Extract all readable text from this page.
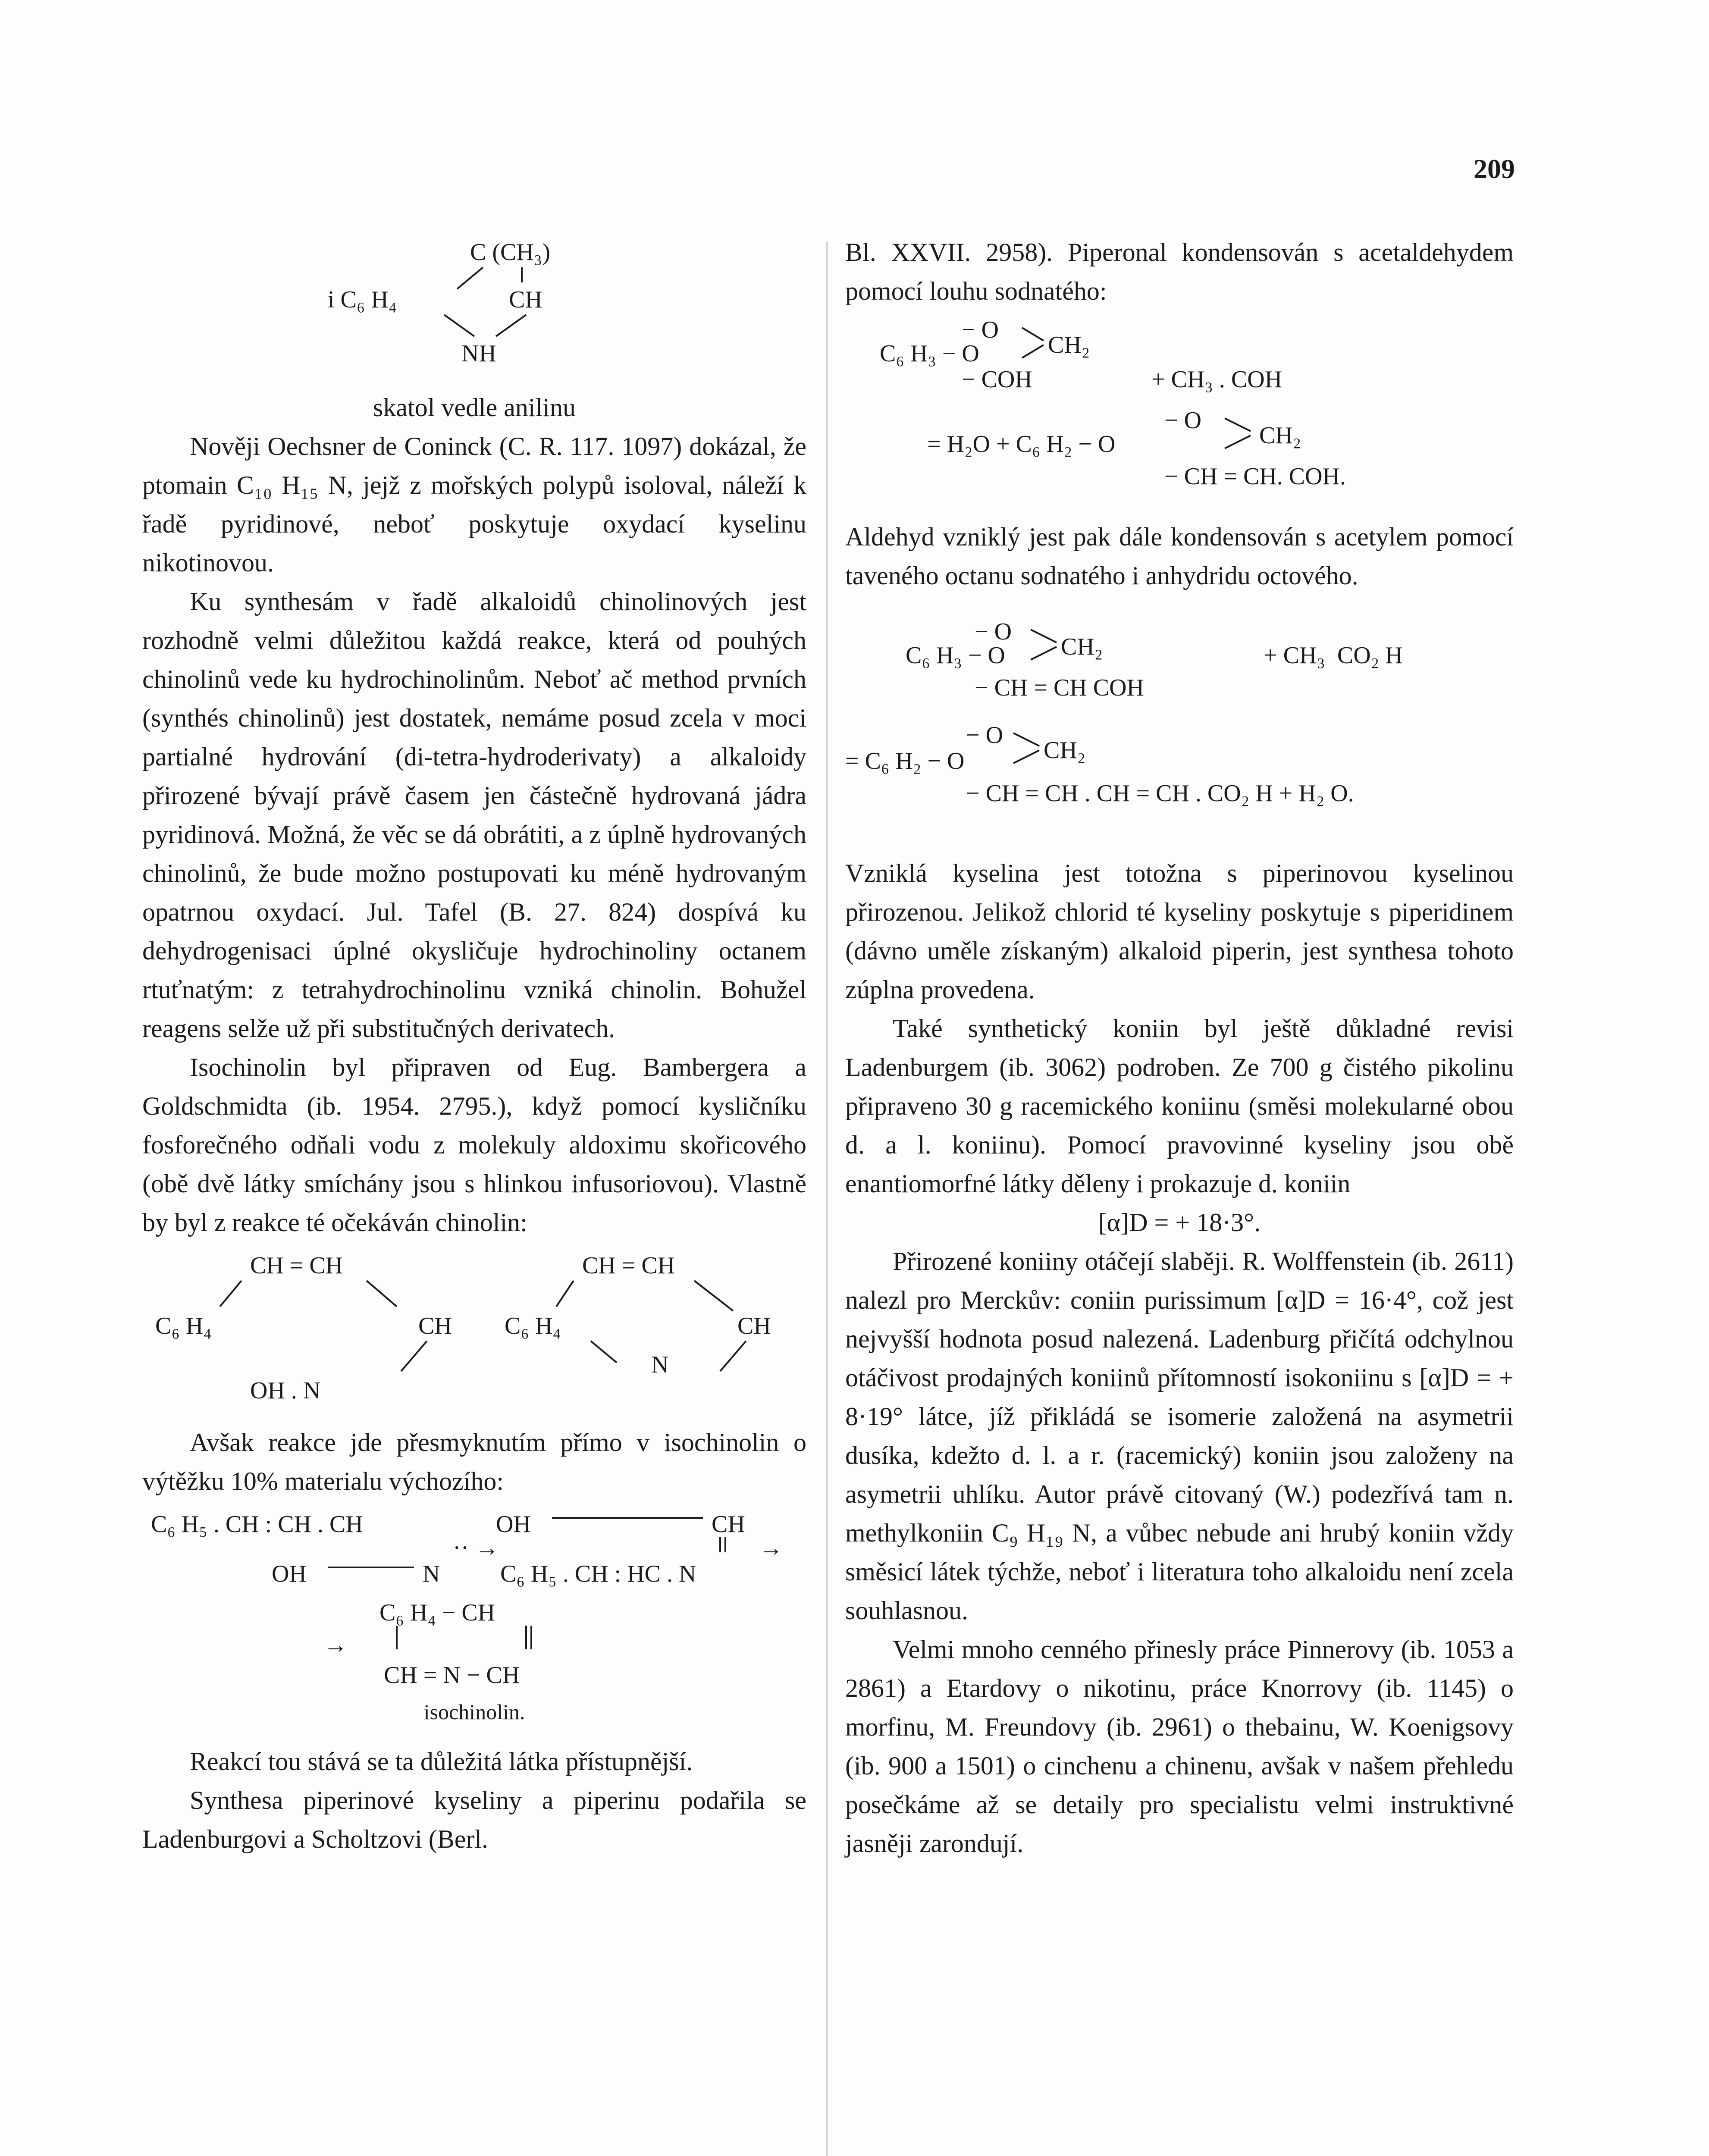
209
C (CH₃)
i C₆ H₄	CH
NH
skatol vedle anilinu

Nověji Oechsner de Coninck (C. R. 117. 1097) dokázal, že ptomain C₁₀ H₁₅ N, jejž z mořských polypů isoloval, náleží k řadě pyridinové, neboť poskytuje oxydací kyselinu nikotinovou.

Ku synthesám v řadě alkaloidů chinolinových jest rozhodně velmi důležitou každá reakce, která od pouhých chinolinů vede ku hydrochinolinům. Neboť ač method prvních (synthés chinolinů) jest dostatek, nemáme posud zcela v moci partialné hydrování (di-tetra-hydroderivaty) a alkaloidy přirozené bývají právě časem jen částečně hydrovaná jádra pyridinová. Možná, že věc se dá obrátiti, a z úplně hydrovaných chinolinů, že bude možno postupovati ku méně hydrovaným opatrnou oxydací. Jul. Tafel (B. 27. 824) dospívá ku dehydrogenisaci úplné okysličuje hydrochinoliny octanem rtuťnatým: z tetrahydrochinolinu vzniká chinolin. Bohužel reagens selže už při substitučných derivatech.

Isochinolin byl připraven od Eug. Bambergera a Goldschmidta (ib. 1954. 2795.), když pomocí kysličníku fosforečného odňali vodu z molekuly aldoximu skořicového (obě dvě látky smíchány jsou s hlinkou infusoriovou). Vlastně by byl z reakce té očekáván chinolin:

CH = CH
C₆ H₄	CH
OH . N
CH = CH
C₆ H₄	CH
N

Avšak reakce jde přesmyknutím přímo v isochinolin o výtěžku 10% materialu výchozího:

C₆ H₅ . CH : CH . CH	OH	CH
·· →	→
OH	N C₆ H₅ . CH : HC . N
C₆ H₄ − CH
→
CH = N − CH
isochinolin.

Reakcí tou stává se ta důležitá látka přístupnější.

Synthesa piperinové kyseliny a piperinu podařila se Ladenburgovi a Scholtzovi (Berl.

Bl. XXVII. 2958). Piperonal kondensován s acetaldehydem pomocí louhu sodnatého:

− O
C₆ H₃ − O	CH₂
− COH	+ CH₃ . COH
− O
= H₂O + C₆ H₂ − O	CH₂
− CH = CH. COH.

Aldehyd vzniklý jest pak dále kondensován s acetylem pomocí taveného octanu sodnatého i anhydridu octového.

− O
C₆ H₃ − O CH₂
− CH = CH COH
+ CH₃  CO₂ H
− O
= C₆ H₂ − O	CH₂
− CH = CH . CH = CH . CO₂ H + H₂ O.

Vzniklá kyselina jest totožna s piperinovou kyselinou přirozenou. Jelikož chlorid té kyseliny poskytuje s piperidinem (dávno uměle získaným) alkaloid piperin, jest synthesa tohoto zúplna provedena.

Také synthetický koniin byl ještě důkladné revisi Ladenburgem (ib. 3062) podroben. Ze 700 g čistého pikolinu připraveno 30 g racemického koniinu (směsi molekularné obou d. a l. koniinu). Pomocí pravovinné kyseliny jsou obě enantiomorfné látky děleny i prokazuje d. koniin

[α]D = + 18·3°.

Přirozené koniiny otáčejí slaběji. R. Wolffenstein (ib. 2611) nalezl pro Merckův: coniin purissimum [α]D = 16·4°, což jest nejvyšší hodnota posud nalezená. Ladenburg přičítá odchylnou otáčivost prodajných koniinů přítomností isokoniinu s [α]D = + 8·19° látce, jíž přikládá se isomerie založená na asymetrii dusíka, kdežto d. l. a r. (racemický) koniin jsou založeny na asymetrii uhlíku. Autor právě citovaný (W.) podezřívá tam n. methylkoniin C₉ H₁₉ N, a vůbec nebude ani hrubý koniin vždy směsicí látek týchže, neboť i literatura toho alkaloidu není zcela souhlasnou.

Velmi mnoho cenného přinesly práce Pinnerovy (ib. 1053 a 2861) a Etardovy o nikotinu, práce Knorrovy (ib. 1145) o morfinu, M. Freundovy (ib. 2961) o thebainu, W. Koenigsovy (ib. 900 a 1501) o cinchenu a chinenu, avšak v našem přehledu posečkáme až se detaily pro specialistu velmi instruktivné jasněji zarondují.
